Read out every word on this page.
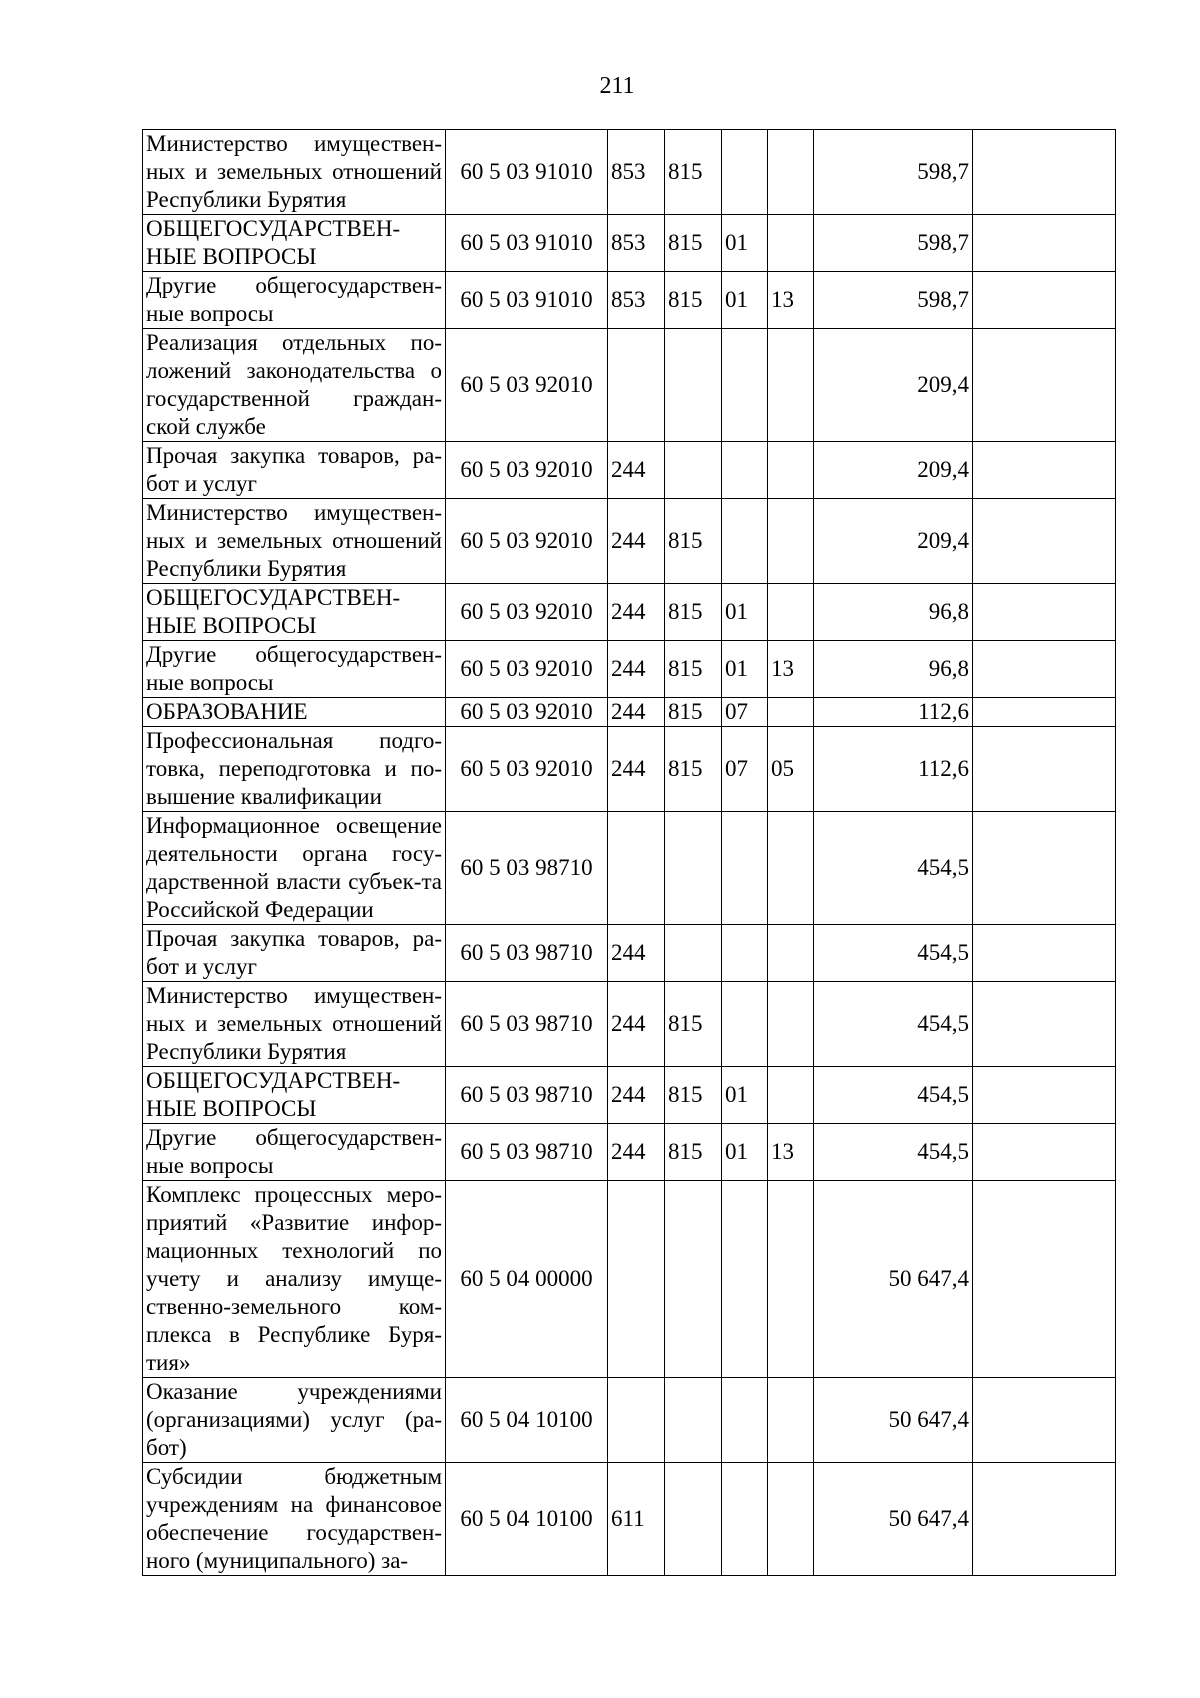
211
Министерство имуществен-ных и земельных отношений Республики Бурятия	60 5 03 91010	853	815			598,7	
ОБЩЕГОСУДАРСТВЕН-НЫЕ ВОПРОСЫ	60 5 03 91010	853	815	01		598,7	
Другие общегосударствен-ные вопросы	60 5 03 91010	853	815	01	13	598,7	
Реализация отдельных по-ложений законодательства о государственной граждан-ской службе	60 5 03 92010					209,4	
Прочая закупка товаров, ра-бот и услуг	60 5 03 92010	244				209,4	
Министерство имуществен-ных и земельных отношений Республики Бурятия	60 5 03 92010	244	815			209,4	
ОБЩЕГОСУДАРСТВЕН-НЫЕ ВОПРОСЫ	60 5 03 92010	244	815	01		96,8	
Другие общегосударствен-ные вопросы	60 5 03 92010	244	815	01	13	96,8	
ОБРАЗОВАНИЕ	60 5 03 92010	244	815	07		112,6	
Профессиональная подго-товка, переподготовка и по-вышение квалификации	60 5 03 92010	244	815	07	05	112,6	
Информационное освещение деятельности органа госу-дарственной власти субъек-та Российской Федерации	60 5 03 98710					454,5	
Прочая закупка товаров, ра-бот и услуг	60 5 03 98710	244				454,5	
Министерство имуществен-ных и земельных отношений Республики Бурятия	60 5 03 98710	244	815			454,5	
ОБЩЕГОСУДАРСТВЕН-НЫЕ ВОПРОСЫ	60 5 03 98710	244	815	01		454,5	
Другие общегосударствен-ные вопросы	60 5 03 98710	244	815	01	13	454,5	
Комплекс процессных меро-приятий «Развитие инфор-мационных технологий по учету и анализу имуще-ственно-земельного ком-плекса в Республике Буря-тия»	60 5 04 00000					50 647,4	
Оказание учреждениями (организациями) услуг (ра-бот)	60 5 04 10100					50 647,4	
Субсидии бюджетным учреждениям на финансовое обеспечение государствен-ного (муниципального) за-	60 5 04 10100	611				50 647,4	
